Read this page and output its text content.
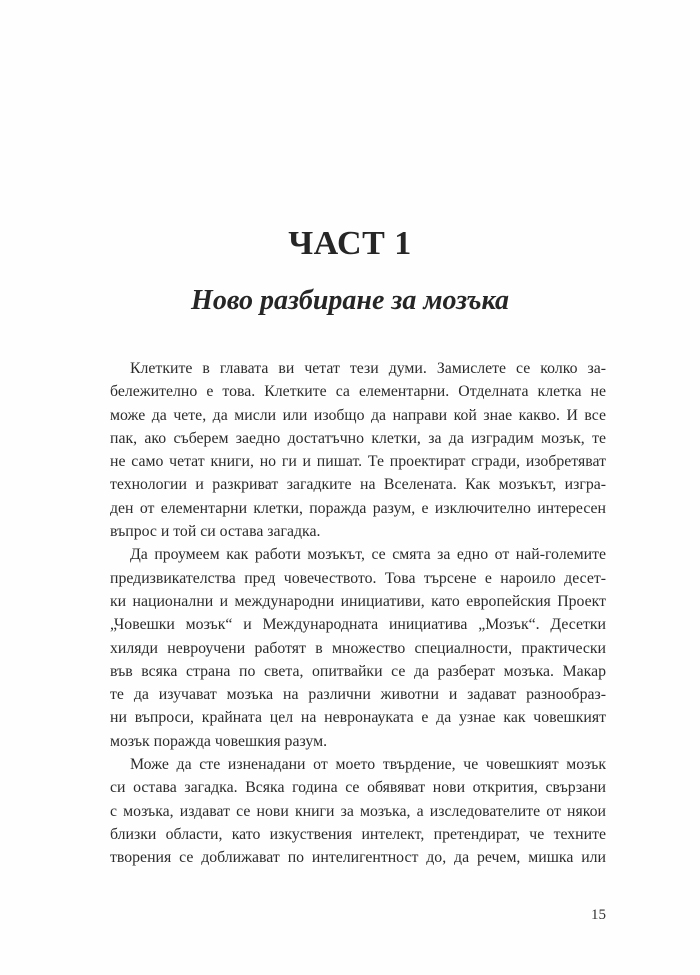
ЧАСТ 1
Ново разбиране за мозъка
Клетките в главата ви четат тези думи. Замислете се колко за-
бележително е това. Клетките са елементарни. Отделната клетка не
може да чете, да мисли или изобщо да направи кой знае какво. И все
пак, ако съберем заедно достатъчно клетки, за да изградим мозък, те
не само четат книги, но ги и пишат. Те проектират сгради, изобретяват
технологии и разкриват загадките на Вселената. Как мозъкът, изгра-
ден от елементарни клетки, поражда разум, е изключително интересен
въпрос и той си остава загадка.
Да проумеем как работи мозъкът, се смята за едно от най-големите
предизвикателства пред човечеството. Това търсене е нароило десет-
ки национални и международни инициативи, като европейския Проект
„Човешки мозък“ и Международната инициатива „Мозък“. Десетки
хиляди невроучени работят в множество специалности, практически
във всяка страна по света, опитвайки се да разберат мозъка. Макар
те да изучават мозъка на различни животни и задават разнообраз-
ни въпроси, крайната цел на невронауката е да узнае как човешкият
мозък поражда човешкия разум.
Може да сте изненадани от моето твърдение, че човешкият мозък
си остава загадка. Всяка година се обявяват нови открития, свързани
с мозъка, издават се нови книги за мозъка, а изследователите от някои
близки области, като изкуствения интелект, претендират, че техните
творения се доближават по интелигентност до, да речем, мишка или
15
